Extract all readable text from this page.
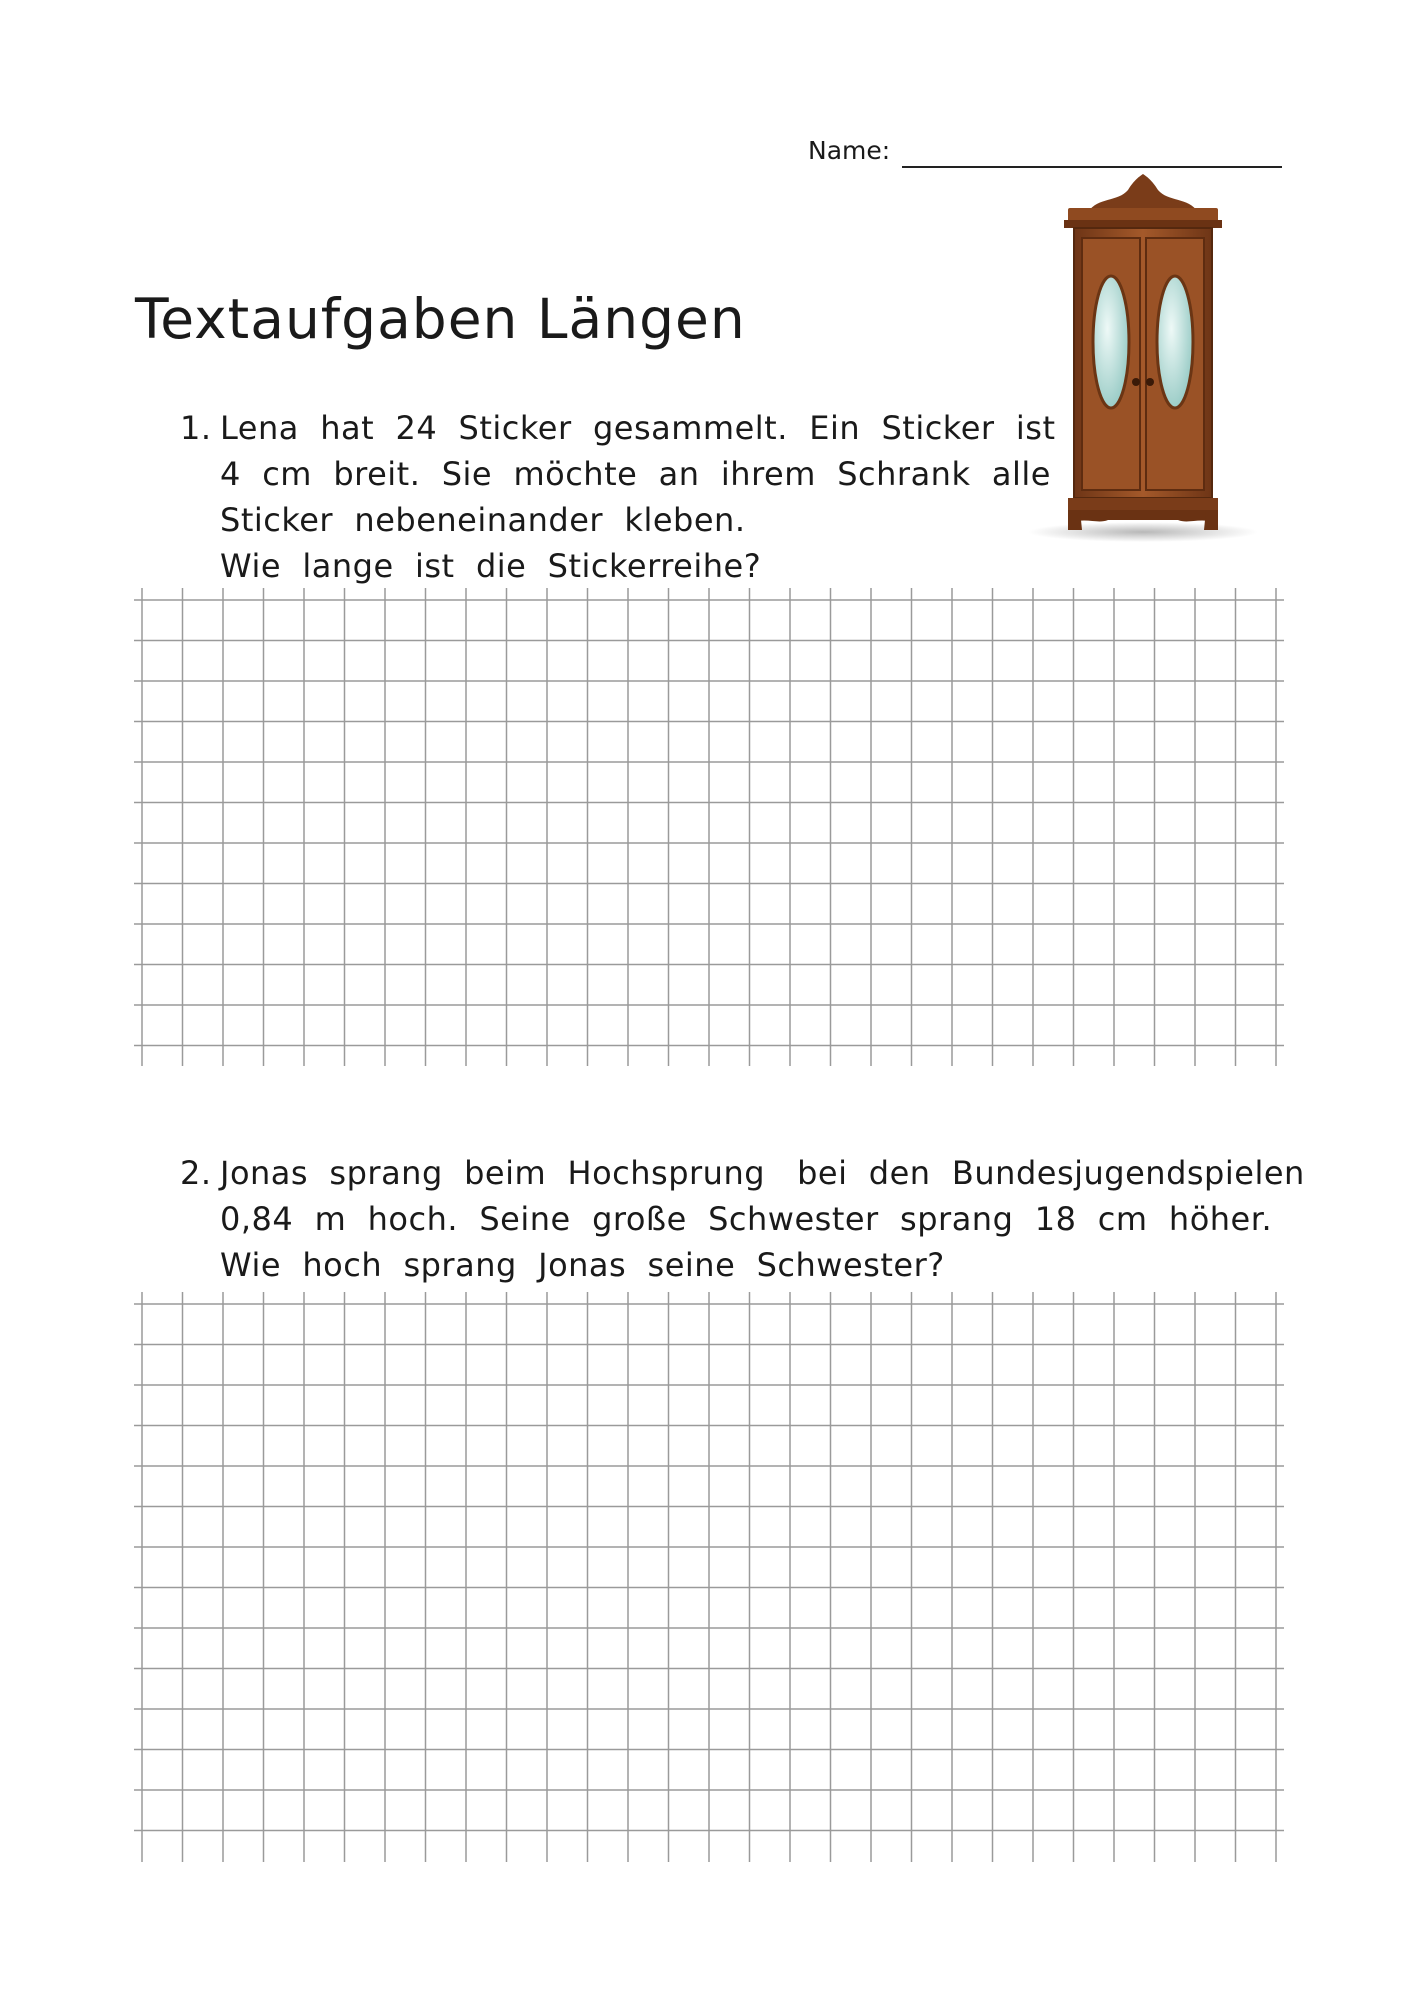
Name:
Textaufgaben Längen
1. Lena  hat  24  Sticker  gesammelt.  Ein  Sticker  ist
4  cm  breit.  Sie  möchte  an  ihrem  Schrank  alle
Sticker  nebeneinander  kleben.
Wie  lange  ist  die  Stickerreihe?
2. Jonas  sprang  beim  Hochsprung   bei  den  Bundesjugendspielen
0,84  m  hoch.  Seine  große  Schwester  sprang  18  cm  höher.
Wie  hoch  sprang  Jonas  seine  Schwester?
